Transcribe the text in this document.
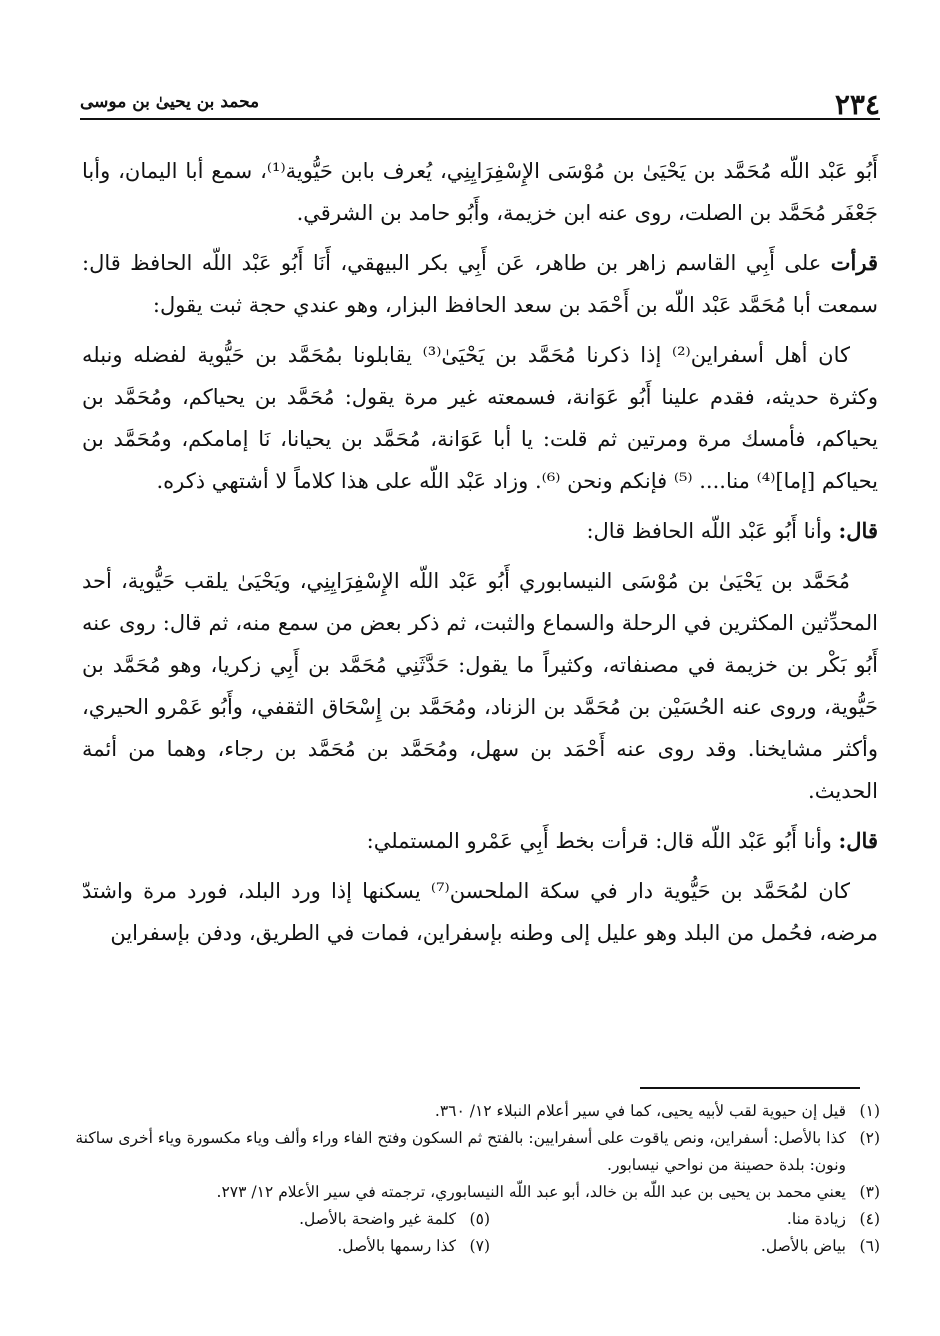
٢٣٤
محمد بن يحيىٰ بن موسى

أَبُو عَبْد اللّه مُحَمَّد بن يَحْيَىٰ بن مُوْسَى الإِسْفِرَايِنِي، يُعرف بابن حَيُّوية⁽¹⁾، سمع أبا اليمان، وأبا جَعْفَر مُحَمَّد بن الصلت، روى عنه ابن خزيمة، وأَبُو حامد بن الشرقي.

قرأت على أَبِي القاسم زاهر بن طاهر، عَن أَبِي بكر البيهقي، أَنَا أَبُو عَبْد اللّه الحافظ قال: سمعت أبا مُحَمَّد عَبْد اللّه بن أَحْمَد بن سعد الحافظ البزار، وهو عندي حجة ثبت يقول:

كان أهل أسفراين⁽²⁾ إذا ذكرنا مُحَمَّد بن يَحْيَىٰ⁽³⁾ يقابلونا بمُحَمَّد بن حَيُّوية لفضله ونبله وكثرة حديثه، فقدم علينا أَبُو عَوَانة، فسمعته غير مرة يقول: مُحَمَّد بن يحياكم، ومُحَمَّد بن يحياكم، فأمسك مرة ومرتين ثم قلت: يا أبا عَوَانة، مُحَمَّد بن يحيانا، نَا إمامكم، ومُحَمَّد بن يحياكم [إما]⁽⁴⁾ منا.... ⁽⁵⁾ فإنكم ونحن ⁽⁶⁾. وزاد عَبْد اللّه على هذا كلاماً لا أشتهي ذكره.

قال: وأنا أَبُو عَبْد اللّه الحافظ قال:

مُحَمَّد بن يَحْيَىٰ بن مُوْسَى النيسابوري أَبُو عَبْد اللّه الإِسْفِرَايِنِي، ويَحْيَىٰ يلقب حَيُّوية، أحد المحدِّثين المكثرين في الرحلة والسماع والثبت، ثم ذكر بعض من سمع منه، ثم قال: روى عنه أَبُو بَكْر بن خزيمة في مصنفاته، وكثيراً ما يقول: حَدَّثَنِي مُحَمَّد بن أَبِي زكريا، وهو مُحَمَّد بن حَيُّوية، وروى عنه الحُسَيْن بن مُحَمَّد بن الزناد، ومُحَمَّد بن إِسْحَاق الثقفي، وأَبُو عَمْرو الحيري، وأكثر مشايخنا. وقد روى عنه أَحْمَد بن سهل، ومُحَمَّد بن مُحَمَّد بن رجاء، وهما من أئمة الحديث.

قال: وأنا أَبُو عَبْد اللّه قال: قرأت بخط أَبِي عَمْرو المستملي:

كان لمُحَمَّد بن حَيُّوية دار في سكة الملحسن⁽⁷⁾ يسكنها إذا ورد البلد، فورد مرة واشتدّ مرضه، فحُمل من البلد وهو عليل إلى وطنه بإسفراين، فمات في الطريق، ودفن بإسفراين

(١)
قيل إن حيوية لقب لأبيه يحيى، كما في سير أعلام النبلاء ١٢/ ٣٦٠.
(٢)
كذا بالأصل: أسفراين، ونص ياقوت على أسفرايين: بالفتح ثم السكون وفتح الفاء وراء وألف وياء مكسورة وياء أخرى ساكنة ونون: بلدة حصينة من نواحي نيسابور.
(٣)
يعني محمد بن يحيى بن عبد اللّه بن خالد، أبو عبد اللّه النيسابوري، ترجمته في سير الأعلام ١٢/ ٢٧٣.
(٤)
زيادة منا.
(٥)
كلمة غير واضحة بالأصل.
(٦)
بياض بالأصل.
(٧)
كذا رسمها بالأصل.
